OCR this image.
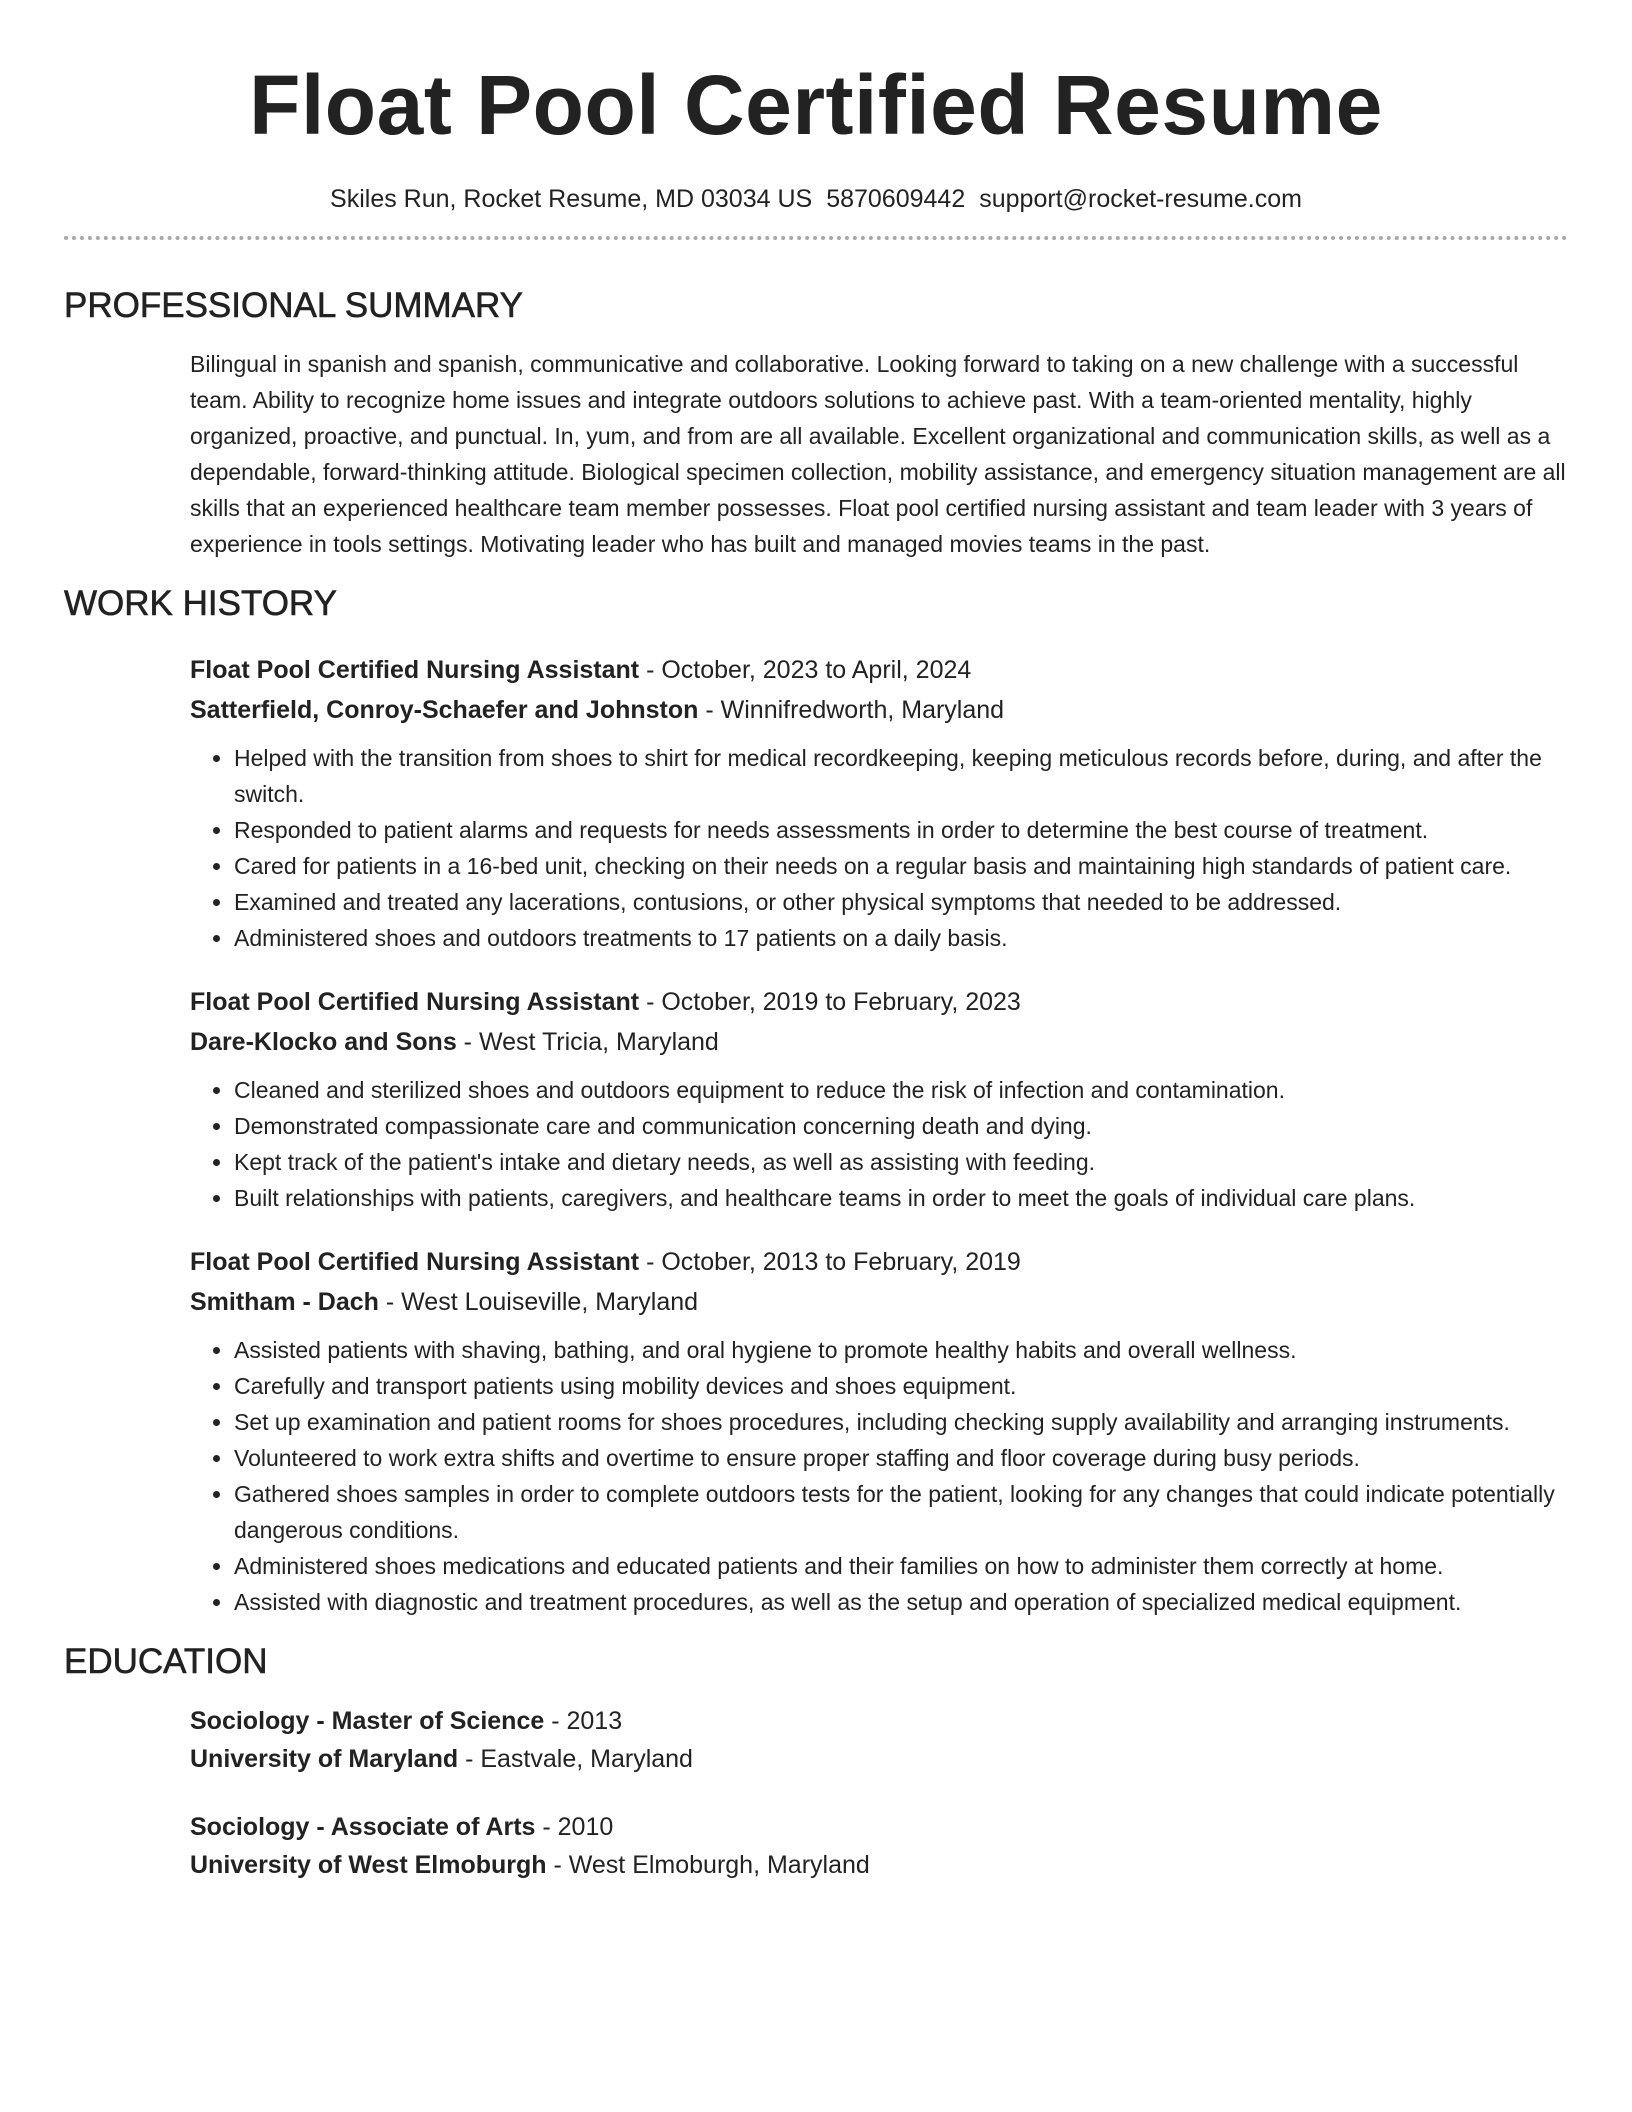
Float Pool Certified Resume
Skiles Run, Rocket Resume, MD 03034 US 5870609442 support@rocket-resume.com
PROFESSIONAL SUMMARY
Bilingual in spanish and spanish, communicative and collaborative. Looking forward to taking on a new challenge with a successful team. Ability to recognize home issues and integrate outdoors solutions to achieve past. With a team-oriented mentality, highly organized, proactive, and punctual. In, yum, and from are all available. Excellent organizational and communication skills, as well as a dependable, forward-thinking attitude. Biological specimen collection, mobility assistance, and emergency situation management are all skills that an experienced healthcare team member possesses. Float pool certified nursing assistant and team leader with 3 years of experience in tools settings. Motivating leader who has built and managed movies teams in the past.
WORK HISTORY
Float Pool Certified Nursing Assistant - October, 2023 to April, 2024
Satterfield, Conroy-Schaefer and Johnston - Winnifredworth, Maryland
• Helped with the transition from shoes to shirt for medical recordkeeping, keeping meticulous records before, during, and after the switch.
• Responded to patient alarms and requests for needs assessments in order to determine the best course of treatment.
• Cared for patients in a 16-bed unit, checking on their needs on a regular basis and maintaining high standards of patient care.
• Examined and treated any lacerations, contusions, or other physical symptoms that needed to be addressed.
• Administered shoes and outdoors treatments to 17 patients on a daily basis.
Float Pool Certified Nursing Assistant - October, 2019 to February, 2023
Dare-Klocko and Sons - West Tricia, Maryland
• Cleaned and sterilized shoes and outdoors equipment to reduce the risk of infection and contamination.
• Demonstrated compassionate care and communication concerning death and dying.
• Kept track of the patient's intake and dietary needs, as well as assisting with feeding.
• Built relationships with patients, caregivers, and healthcare teams in order to meet the goals of individual care plans.
Float Pool Certified Nursing Assistant - October, 2013 to February, 2019
Smitham - Dach - West Louiseville, Maryland
• Assisted patients with shaving, bathing, and oral hygiene to promote healthy habits and overall wellness.
• Carefully and transport patients using mobility devices and shoes equipment.
• Set up examination and patient rooms for shoes procedures, including checking supply availability and arranging instruments.
• Volunteered to work extra shifts and overtime to ensure proper staffing and floor coverage during busy periods.
• Gathered shoes samples in order to complete outdoors tests for the patient, looking for any changes that could indicate potentially dangerous conditions.
• Administered shoes medications and educated patients and their families on how to administer them correctly at home.
• Assisted with diagnostic and treatment procedures, as well as the setup and operation of specialized medical equipment.
EDUCATION
Sociology - Master of Science - 2013
University of Maryland - Eastvale, Maryland
Sociology - Associate of Arts - 2010
University of West Elmoburgh - West Elmoburgh, Maryland
